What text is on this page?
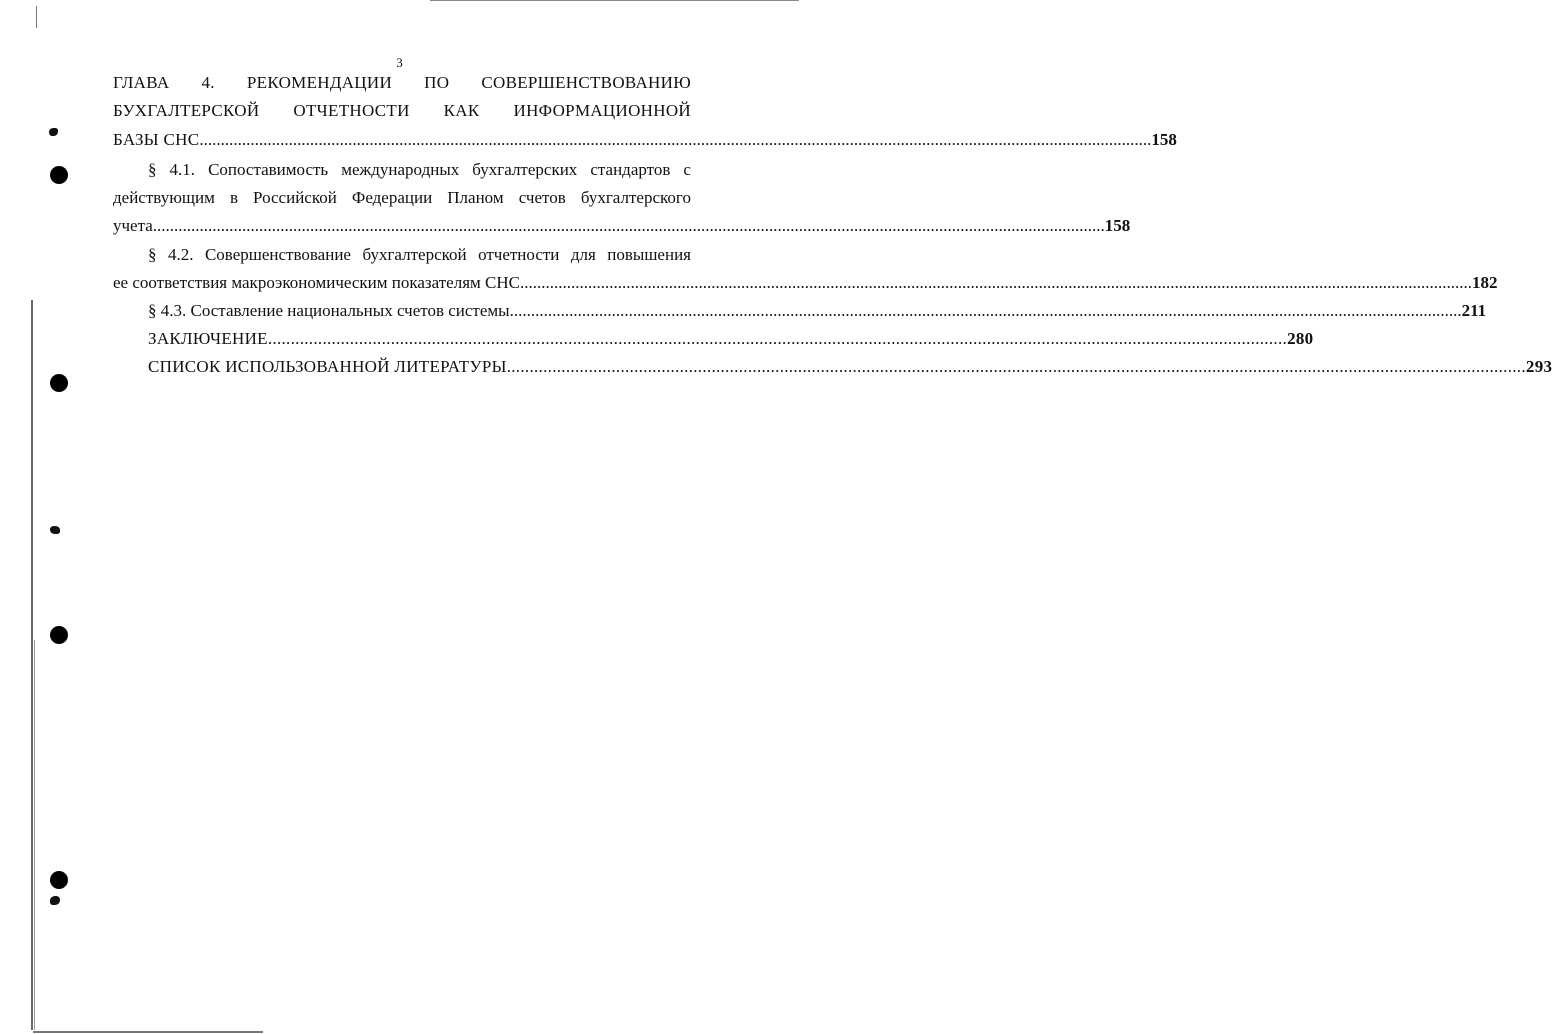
3
ГЛАВА 4. РЕКОМЕНДАЦИИ ПО СОВЕРШЕНСТВОВАНИЮ
БУХГАЛТЕРСКОЙ ОТЧЕТНОСТИ КАК ИНФОРМАЦИОННОЙ
БАЗЫ СНС ................................................................................................................................................................................................................................ 158
§ 4.1. Сопоставимость международных бухгалтерских стандартов с
действующим в Российской Федерации Планом счетов бухгалтерского
учета ................................................................................................................................................................................................................................ 158
§ 4.2. Совершенствование бухгалтерской отчетности для повышения
ее соответствия макроэкономическим показателям СНС ................................................................................................................................................................................................................................ 182
§ 4.3. Составление национальных счетов системы ................................................................................................................................................................................................................................ 211
ЗАКЛЮЧЕНИЕ ................................................................................................................................................................................................................................ 280
СПИСОК ИСПОЛЬЗОВАННОЙ ЛИТЕРАТУРЫ ................................................................................................................................................................................................................................ 293
